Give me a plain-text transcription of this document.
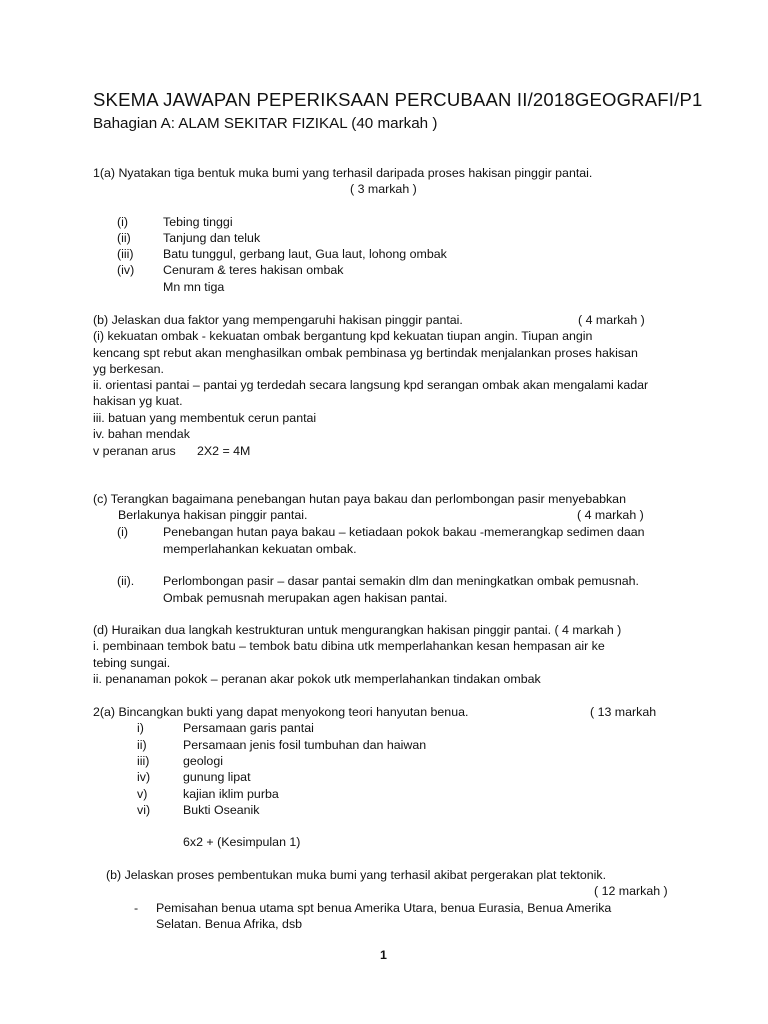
SKEMA JAWAPAN PEPERIKSAAN PERCUBAAN II/2018GEOGRAFI/P1
Bahagian A: ALAM SEKITAR FIZIKAL (40 markah )
1(a) Nyatakan tiga bentuk muka bumi yang terhasil daripada proses hakisan pinggir pantai.
( 3 markah )
(i)	Tebing tinggi
(ii)	Tanjung dan teluk
(iii) Batu tunggul, gerbang laut, Gua laut, lohong ombak
(iv) Cenuram & teres hakisan ombak
Mn mn tiga
(b) Jelaskan dua faktor yang mempengaruhi hakisan pinggir pantai.	( 4 markah )
(i) kekuatan ombak - kekuatan ombak bergantung kpd kekuatan tiupan angin. Tiupan angin
kencang spt rebut akan menghasilkan ombak pembinasa yg bertindak menjalankan proses hakisan
yg berkesan.
ii. orientasi pantai – pantai yg terdedah secara langsung kpd serangan ombak akan mengalami kadar
hakisan yg kuat.
iii. batuan yang membentuk cerun pantai
iv. bahan mendak
v peranan arus 2X2 = 4M
(c) Terangkan bagaimana penebangan hutan paya bakau dan perlombongan pasir menyebabkan
Berlakunya hakisan pinggir pantai.	( 4 markah )
(i)	Penebangan hutan paya bakau – ketiadaan pokok bakau -memerangkap sedimen daan
memperlahankan kekuatan ombak.
(ii). Perlombongan pasir – dasar pantai semakin dlm dan meningkatkan ombak pemusnah.
Ombak pemusnah merupakan agen hakisan pantai.
(d) Huraikan dua langkah kestrukturan untuk mengurangkan hakisan pinggir pantai. ( 4 markah )
i. pembinaan tembok batu – tembok batu dibina utk memperlahankan kesan hempasan air ke
tebing sungai.
ii. penanaman pokok – peranan akar pokok utk memperlahankan tindakan ombak
2(a) Bincangkan bukti yang dapat menyokong teori hanyutan benua.	( 13 markah
i)	Persamaan garis pantai
ii)	Persamaan jenis fosil tumbuhan dan haiwan
iii)	geologi
iv)	gunung lipat
v)	kajian iklim purba
vi)	Bukti Oseanik
6x2 + (Kesimpulan 1)
(b) Jelaskan proses pembentukan muka bumi yang terhasil akibat pergerakan plat tektonik.
( 12 markah )
- Pemisahan benua utama spt benua Amerika Utara, benua Eurasia, Benua Amerika
Selatan. Benua Afrika, dsb
1
